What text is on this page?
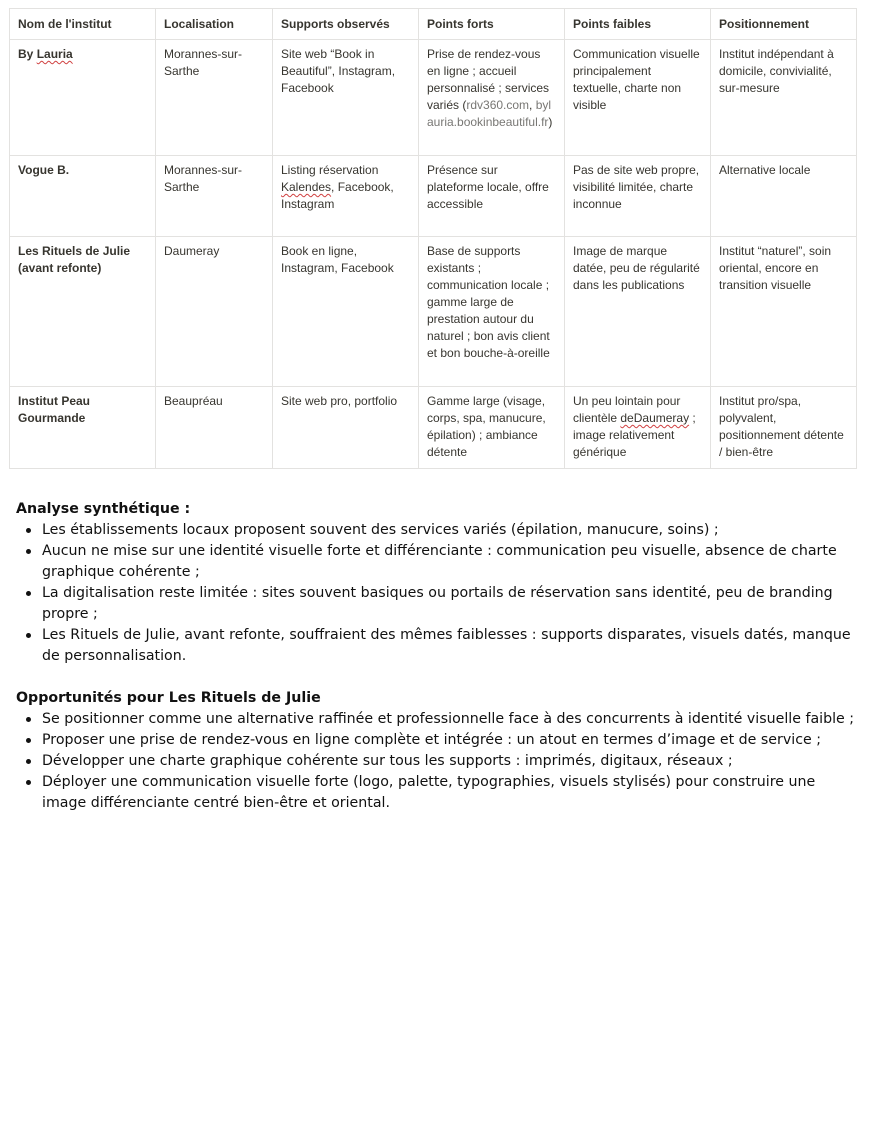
Nom de l'institut	Localisation	Supports observés	Points forts	Points faibles	Positionnement
By Lauria	Morannes-sur-Sarthe	Site web “Book in Beautiful”, Instagram, Facebook	Prise de rendez-vous en ligne ; accueil personnalisé ; services variés (rdv360.com, bylauria.bookinbeautiful.fr)	Communication visuelle principalement textuelle, charte non visible	Institut indépendant à domicile, convivialité, sur-mesure
Vogue B.	Morannes-sur-Sarthe	Listing réservation Kalendes, Facebook, Instagram	Présence sur plateforme locale, offre accessible	Pas de site web propre, visibilité limitée, charte inconnue	Alternative locale
Les Rituels de Julie (avant refonte)	Daumeray	Book en ligne, Instagram, Facebook	Base de supports existants ; communication locale ; gamme large de prestation autour du naturel ; bon avis client et bon bouche-à-oreille	Image de marque datée, peu de régularité dans les publications	Institut “naturel”, soin oriental, encore en transition visuelle
Institut Peau Gourmande	Beaupréau	Site web pro, portfolio	Gamme large (visage, corps, spa, manucure, épilation) ; ambiance détente	Un peu lointain pour clientèle deDaumeray ; image relativement générique	Institut pro/spa, polyvalent, positionnement détente / bien-être
Analyse synthétique :
Les établissements locaux proposent souvent des services variés (épilation, manucure, soins) ;
Aucun ne mise sur une identité visuelle forte et différenciante : communication peu visuelle, absence de charte graphique cohérente ;
La digitalisation reste limitée : sites souvent basiques ou portails de réservation sans identité, peu de branding propre ;
Les Rituels de Julie, avant refonte, souffraient des mêmes faiblesses : supports disparates, visuels datés, manque de personnalisation.
Opportunités pour Les Rituels de Julie
Se positionner comme une alternative raffinée et professionnelle face à des concurrents à identité visuelle faible ;
Proposer une prise de rendez-vous en ligne complète et intégrée : un atout en termes d’image et de service ;
Développer une charte graphique cohérente sur tous les supports : imprimés, digitaux, réseaux ;
Déployer une communication visuelle forte (logo, palette, typographies, visuels stylisés) pour construire une image différenciante centré bien-être et oriental.
